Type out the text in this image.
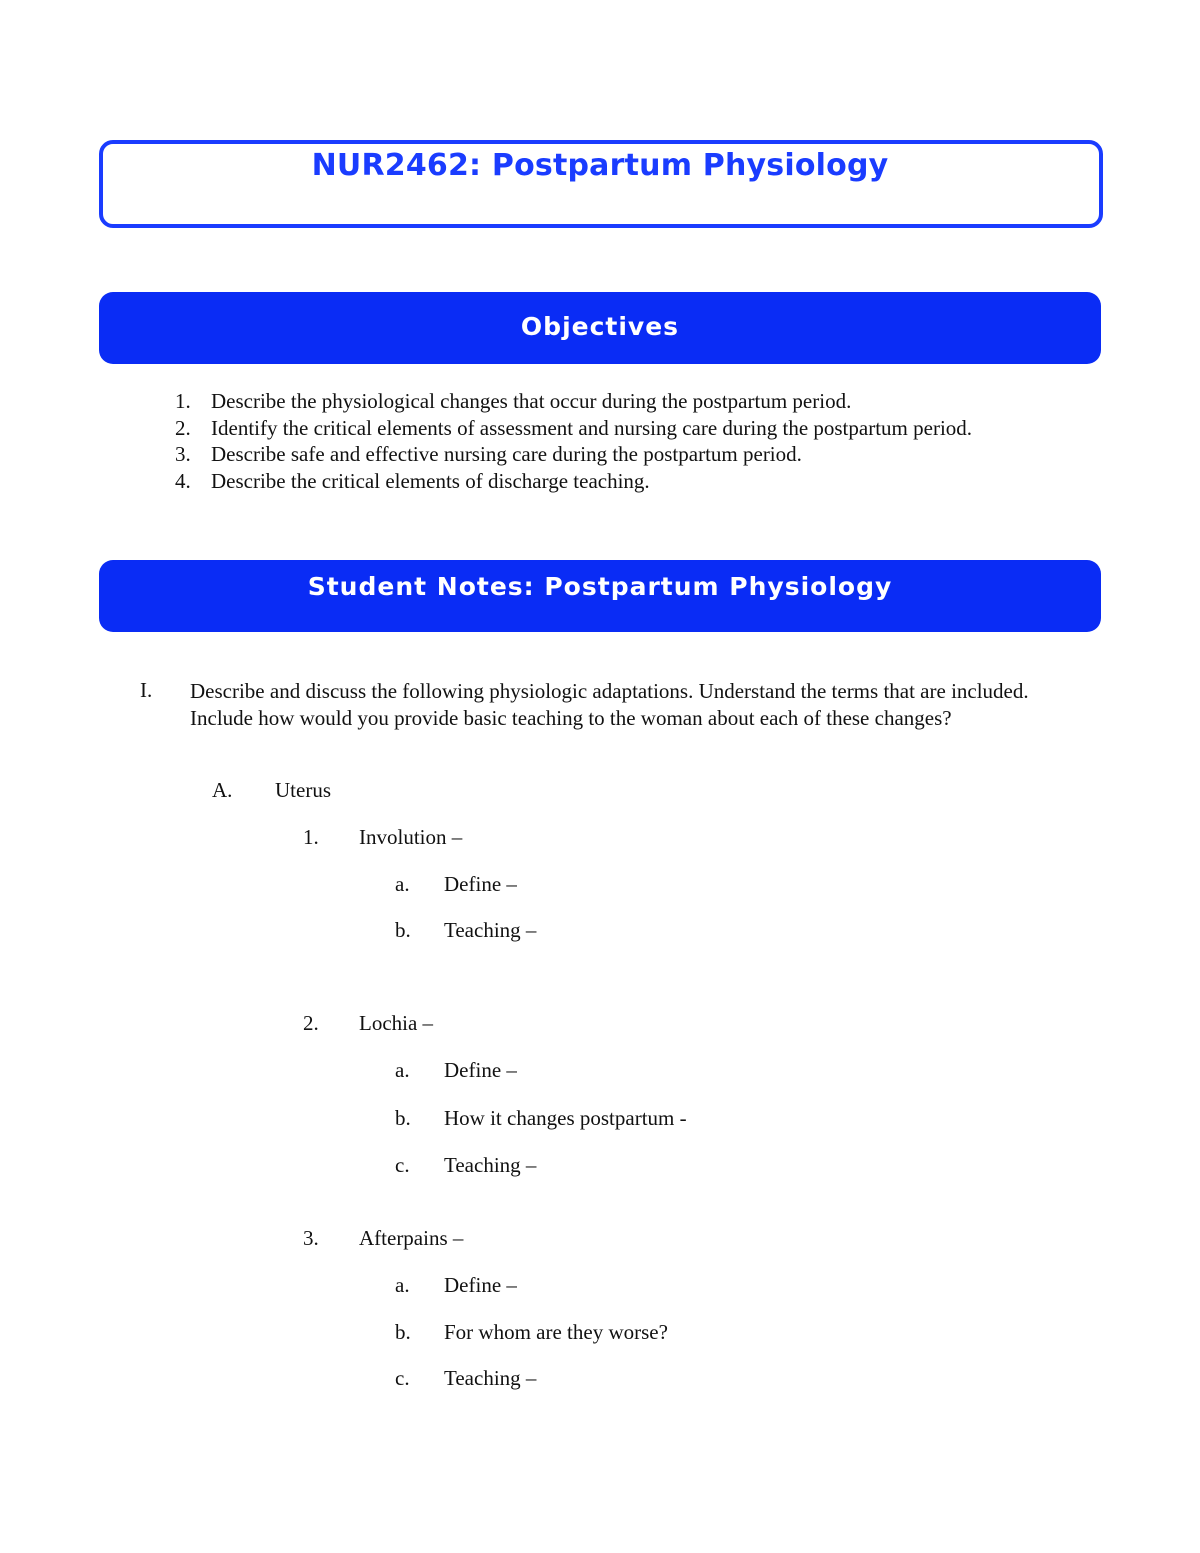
NUR2462: Postpartum Physiology
Objectives
1. Describe the physiological changes that occur during the postpartum period.
2. Identify the critical elements of assessment and nursing care during the postpartum period.
3. Describe safe and effective nursing care during the postpartum period.
4. Describe the critical elements of discharge teaching.
Student Notes: Postpartum Physiology
I. Describe and discuss the following physiologic adaptations. Understand the terms that are included. Include how would you provide basic teaching to the woman about each of these changes?
A. Uterus
1. Involution –
a. Define –
b. Teaching –
2. Lochia –
a. Define –
b. How it changes postpartum -
c. Teaching –
3. Afterpains –
a. Define –
b. For whom are they worse?
c. Teaching –
